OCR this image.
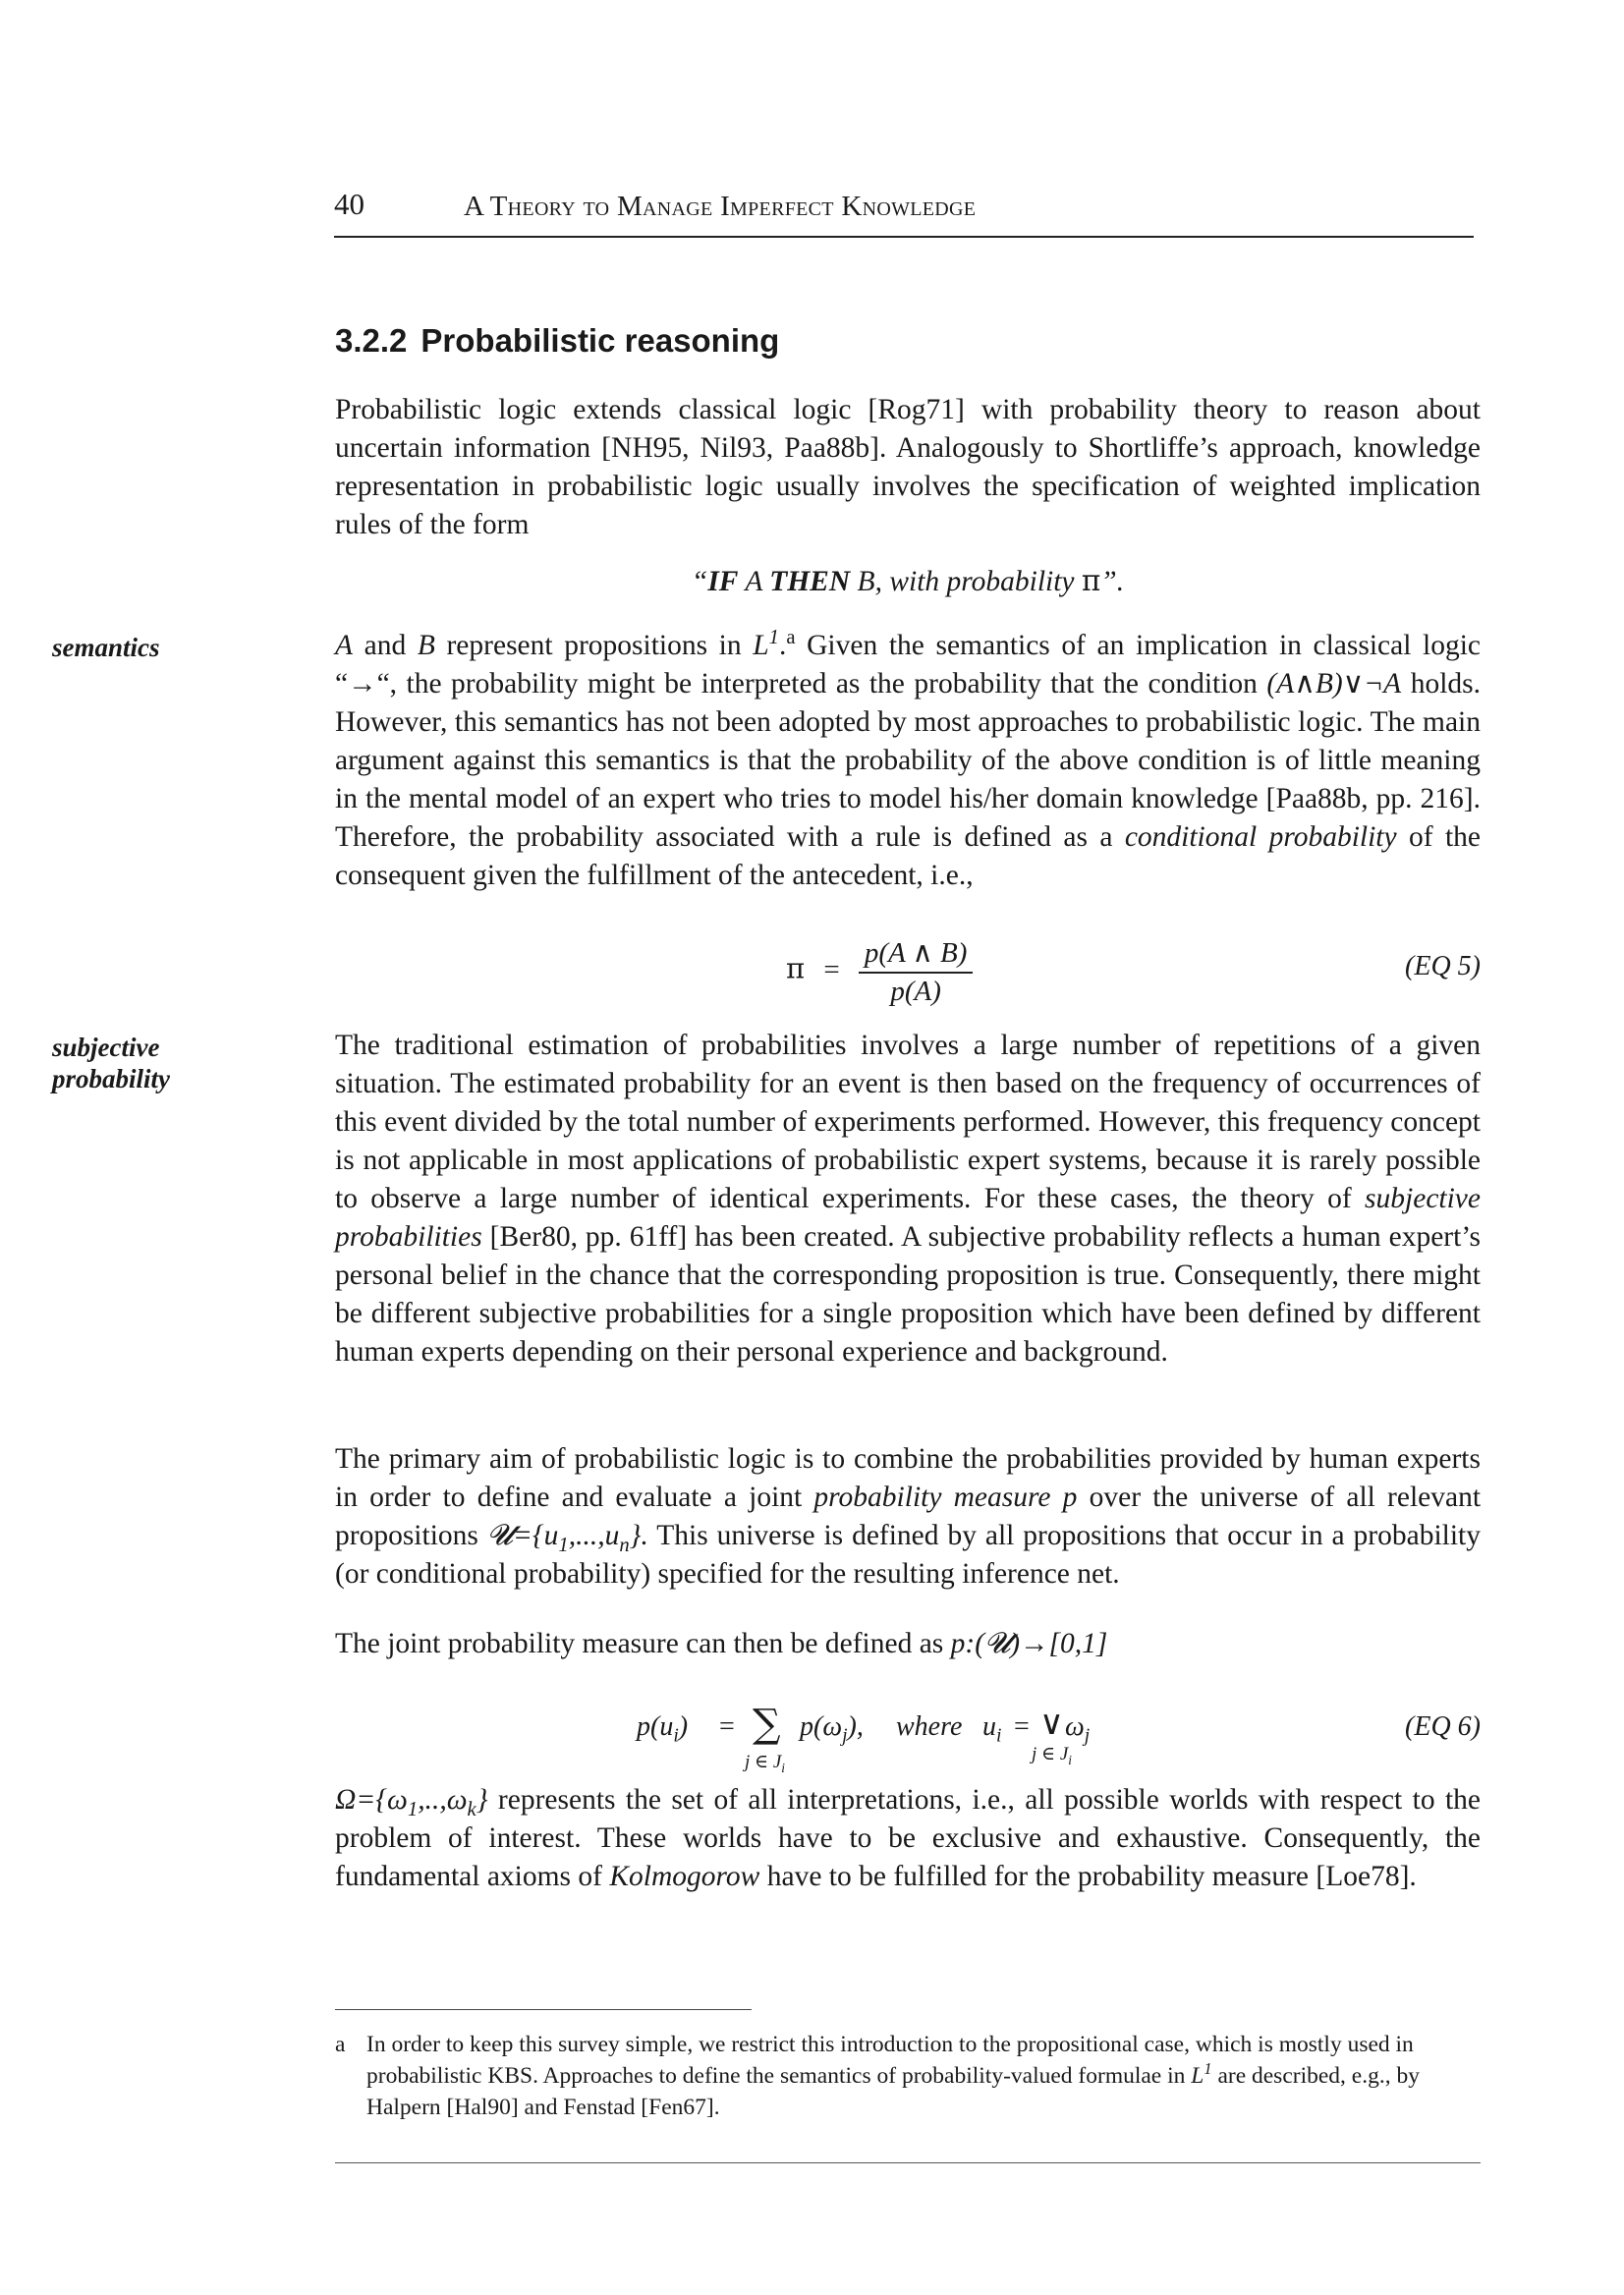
40	A Theory to Manage Imperfect Knowledge
3.2.2 Probabilistic reasoning
Probabilistic logic extends classical logic [Rog71] with probability theory to reason about uncertain information [NH95, Nil93, Paa88b]. Analogously to Shortliffe’s approach, knowledge representation in probabilistic logic usually involves the specification of weighted implication rules of the form
“IF A THEN B, with probability π”.
semantics	A and B represent propositions in $L^1.^a$ Given the semantics of an implication in classical logic “→“, the probability might be interpreted as the probability that the condition (A∧B)∨¬A holds. However, this semantics has not been adopted by most approaches to probabilistic logic. The main argument against this semantics is that the probability of the above condition is of little meaning in the mental model of an expert who tries to model his/her domain knowledge [Paa88b, pp. 216]. Therefore, the probability associated with a rule is defined as a conditional probability of the consequent given the fulfillment of the antecedent, i.e.,
$\pi = \frac{p(A \wedge B)}{p(A)}$	(EQ 5)
subjective probability
The traditional estimation of probabilities involves a large number of repetitions of a given situation. The estimated probability for an event is then based on the frequency of occurrences of this event divided by the total number of experiments performed. However, this frequency concept is not applicable in most applications of probabilistic expert systems, because it is rarely possible to observe a large number of identical experiments. For these cases, the theory of subjective probabilities [Ber80, pp. 61ff] has been created. A subjective probability reflects a human expert’s personal belief in the chance that the corresponding proposition is true. Consequently, there might be different subjective probabilities for a single proposition which have been defined by different human experts depending on their personal experience and background.
The primary aim of probabilistic logic is to combine the probabilities provided by human experts in order to define and evaluate a joint probability measure p over the universe of all relevant propositions $𝓤=\{u_1,...,u_n\}$. This universe is defined by all propositions that occur in a probability (or conditional probability) specified for the resulting inference net.
The joint probability measure can then be defined as p:(𝓤)→[0,1]
$p(u_i)$ = ∑
j ∈ $J_i$
$p(\omega_j)$, where $u_i$ = ∨
j ∈ $J_i$
$\omega_j$	(EQ 6)
$\Omega=\{\omega_1,..,\omega_k\}$ represents the set of all interpretations, i.e., all possible worlds with respect to the problem of interest. These worlds have to be exclusive and exhaustive. Consequently, the fundamental axioms of Kolmogorow have to be fulfilled for the probability measure [Loe78].
a In order to keep this survey simple, we restrict this introduction to the propositional case, which is mostly used in probabilistic KBS. Approaches to define the semantics of probability-valued formulae in $L^1$ are described, e.g., by Halpern [Hal90] and Fenstad [Fen67].
